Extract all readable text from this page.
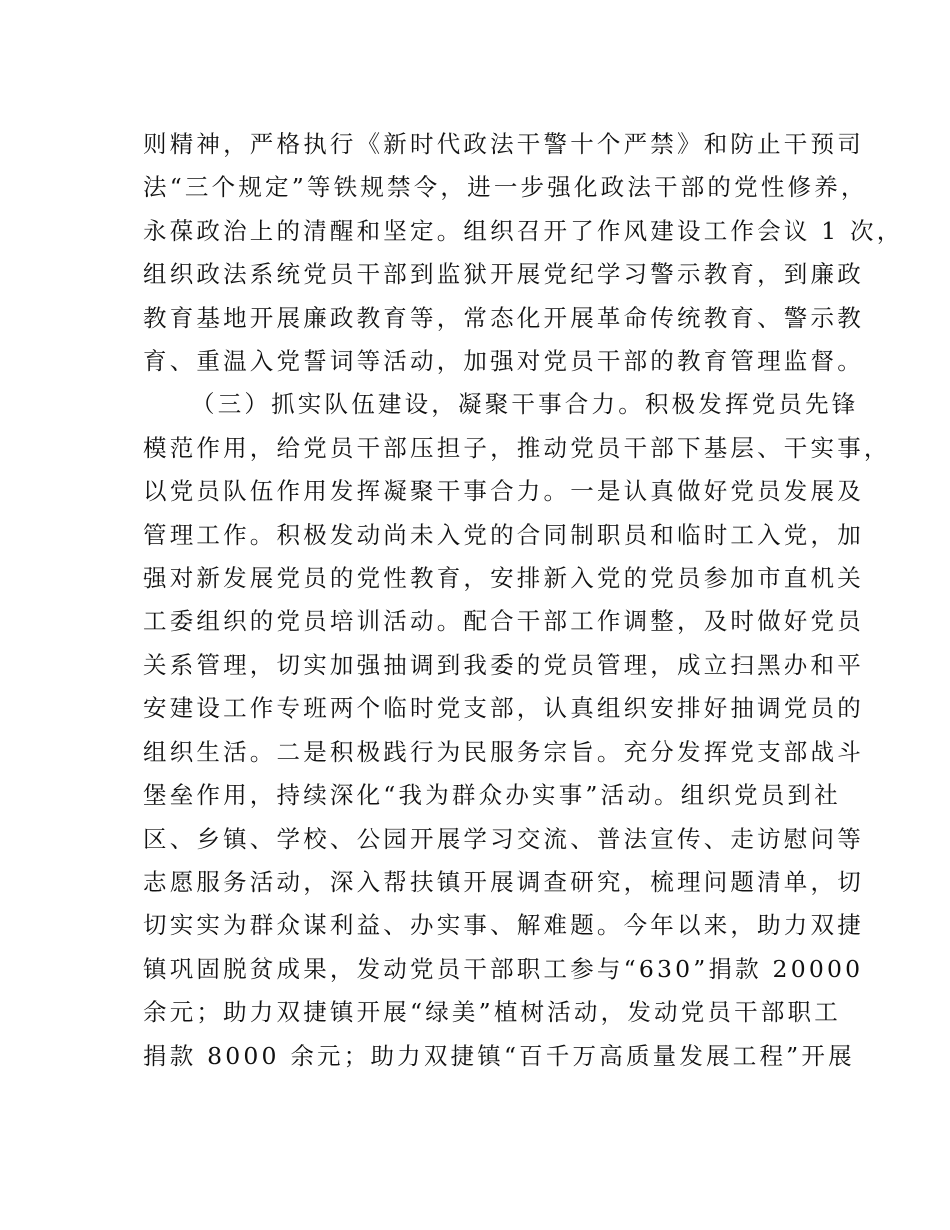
则精神，严格执行《新时代政法干警十个严禁》和防止干预司
法“三个规定”等铁规禁令，进一步强化政法干部的党性修养，
永葆政治上的清醒和坚定。组织召开了作风建设工作会议 1 次，
组织政法系统党员干部到监狱开展党纪学习警示教育，到廉政
教育基地开展廉政教育等，常态化开展革命传统教育、警示教
育、重温入党誓词等活动，加强对党员干部的教育管理监督。
（三）抓实队伍建设，凝聚干事合力。积极发挥党员先锋
模范作用，给党员干部压担子，推动党员干部下基层、干实事，
以党员队伍作用发挥凝聚干事合力。一是认真做好党员发展及
管理工作。积极发动尚未入党的合同制职员和临时工入党，加
强对新发展党员的党性教育，安排新入党的党员参加市直机关
工委组织的党员培训活动。配合干部工作调整，及时做好党员
关系管理，切实加强抽调到我委的党员管理，成立扫黑办和平
安建设工作专班两个临时党支部，认真组织安排好抽调党员的
组织生活。二是积极践行为民服务宗旨。充分发挥党支部战斗
堡垒作用，持续深化“我为群众办实事”活动。组织党员到社
区、乡镇、学校、公园开展学习交流、普法宣传、走访慰问等
志愿服务活动，深入帮扶镇开展调查研究，梳理问题清单，切
切实实为群众谋利益、办实事、解难题。今年以来，助力双捷
镇巩固脱贫成果，发动党员干部职工参与“630”捐款 20000
余元；助力双捷镇开展“绿美”植树活动，发动党员干部职工
捐款 8000 余元；助力双捷镇“百千万高质量发展工程”开展
